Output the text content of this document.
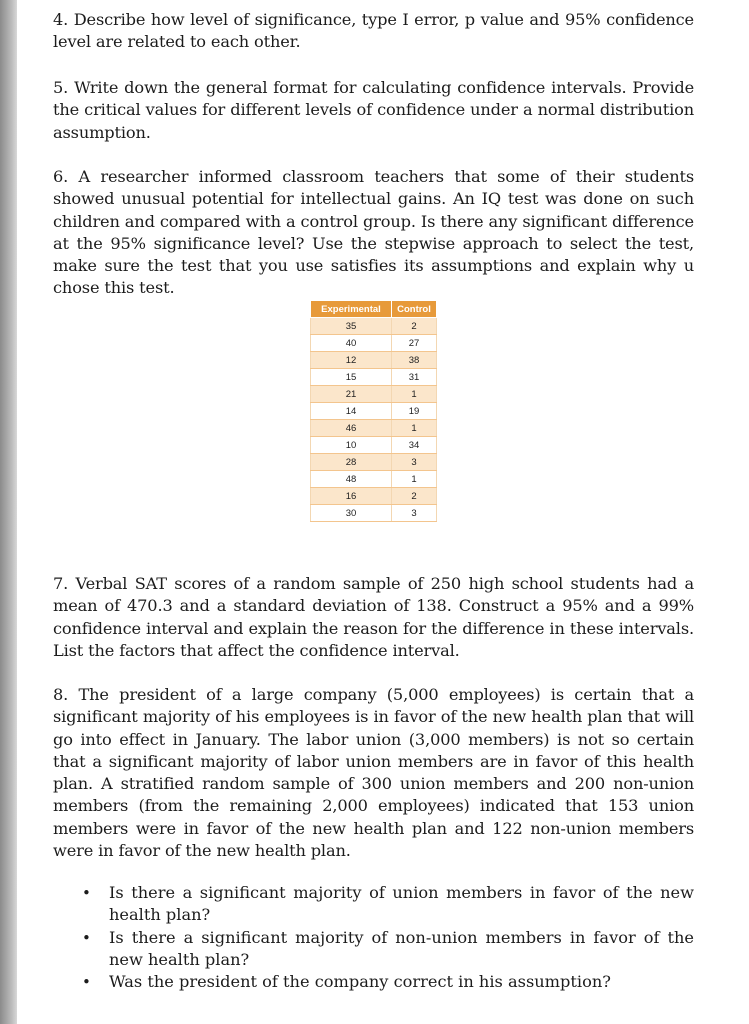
4. Describe how level of significance, type I error, p value and 95% confidence level are related to each other.

5. Write down the general format for calculating confidence intervals. Provide the critical values for different levels of confidence under a normal distribution assumption.

6. A researcher informed classroom teachers that some of their students showed unusual potential for intellectual gains. An IQ test was done on such children and compared with a control group. Is there any significant difference at the 95% significance level? Use the stepwise approach to select the test, make sure the test that you use satisfies its assumptions and explain why u chose this test.

Experimental	Control
35	2
40	27
12	38
15	31
21	1
14	19
46	1
10	34
28	3
48	1
16	2
30	3

7. Verbal SAT scores of a random sample of 250 high school students had a mean of 470.3 and a standard deviation of 138. Construct a 95% and a 99% confidence interval and explain the reason for the difference in these intervals. List the factors that affect the confidence interval.

8. The president of a large company (5,000 employees) is certain that a significant majority of his employees is in favor of the new health plan that will go into effect in January. The labor union (3,000 members) is not so certain that a significant majority of labor union members are in favor of this health plan. A stratified random sample of 300 union members and 200 non-union members (from the remaining 2,000 employees) indicated that 153 union members were in favor of the new health plan and 122 non-union members were in favor of the new health plan.

• Is there a significant majority of union members in favor of the new health plan?
• Is there a significant majority of non-union members in favor of the new health plan?
• Was the president of the company correct in his assumption?
